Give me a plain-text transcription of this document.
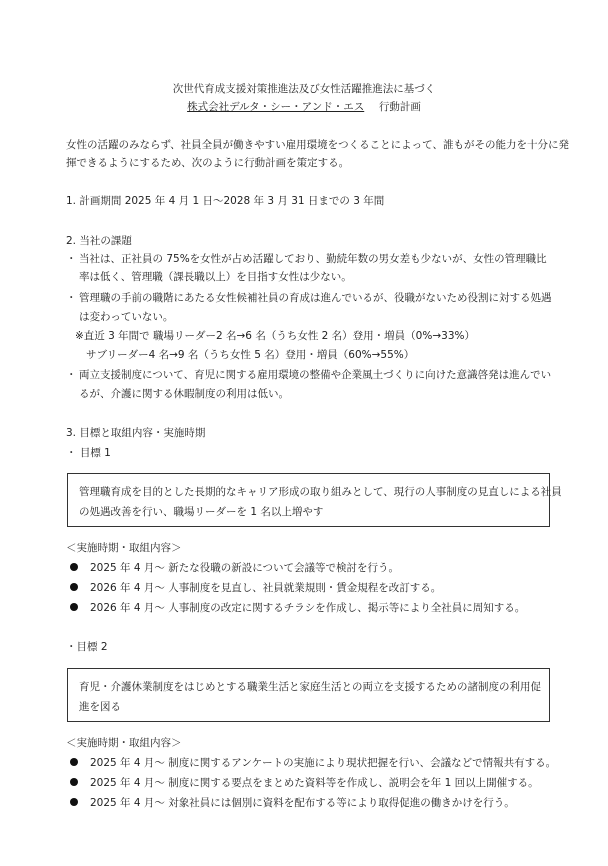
次世代育成支援対策推進法及び女性活躍推進法に基づく
株式会社デルタ・シー・アンド・エス 行動計画
女性の活躍のみならず、社員全員が働きやすい雇用環境をつくることによって、誰もがその能力を十分に発
揮できるようにするため、次のように行動計画を策定する。
1. 計画期間 2025 年 4 月 1 日～2028 年 3 月 31 日までの 3 年間
2. 当社の課題
・ 当社は、正社員の 75%を女性が占め活躍しており、勤続年数の男女差も少ないが、女性の管理職比
率は低く、管理職（課長職以上）を目指す女性は少ない。
・ 管理職の手前の職階にあたる女性候補社員の育成は進んでいるが、役職がないため役割に対する処遇
は変わっていない。
※直近 3 年間で 職場リーダー2 名→6 名（うち女性 2 名）登用・増員（0%→33%）
サブリーダー4 名→9 名（うち女性 5 名）登用・増員（60%→55%）
・ 両立支援制度について、育児に関する雇用環境の整備や企業風土づくりに向けた意識啓発は進んでい
るが、介護に関する休暇制度の利用は低い。
3. 目標と取組内容・実施時期
・ 目標 1
管理職育成を目的とした長期的なキャリア形成の取り組みとして、現行の人事制度の見直しによる社員
の処遇改善を行い、職場リーダーを 1 名以上増やす
＜実施時期・取組内容＞
2025 年 4 月～ 新たな役職の新設について会議等で検討を行う。
2026 年 4 月～ 人事制度を見直し、社員就業規則・賃金規程を改訂する。
2026 年 4 月～ 人事制度の改定に関するチラシを作成し、掲示等により全社員に周知する。
・目標 2
育児・介護休業制度をはじめとする職業生活と家庭生活との両立を支援するための諸制度の利用促
進を図る
＜実施時期・取組内容＞
2025 年 4 月～ 制度に関するアンケートの実施により現状把握を行い、会議などで情報共有する。
2025 年 4 月～ 制度に関する要点をまとめた資料等を作成し、説明会を年 1 回以上開催する。
2025 年 4 月～ 対象社員には個別に資料を配布する等により取得促進の働きかけを行う。
